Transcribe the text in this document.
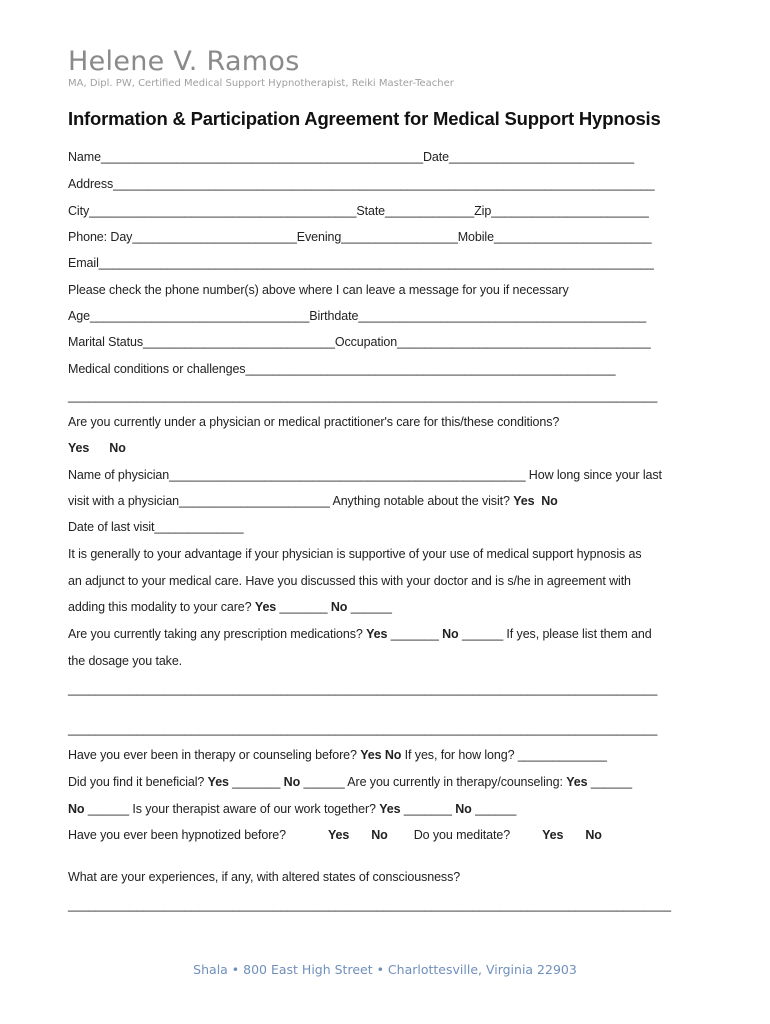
Helene V. Ramos
MA, Dipl. PW, Certified Medical Support Hypnotherapist, Reiki Master-Teacher
Information & Participation Agreement for Medical Support Hypnosis
Name_______________________________________________Date___________________________
Address_______________________________________________________________________________
City_______________________________________State_____________Zip_______________________
Phone: Day________________________Evening_________________Mobile_______________________
Email_________________________________________________________________________________
Please check the phone number(s) above where I can leave a message for you if necessary
Age________________________________Birthdate__________________________________________
Marital Status____________________________Occupation_____________________________________
Medical conditions or challenges______________________________________________________
______________________________________________________________________________________
Are you currently under a physician or medical practitioner's care for this/these conditions?
Yes No
Name of physician____________________________________________________ How long since your last
visit with a physician______________________ Anything notable about the visit? Yes No
Date of last visit_____________
It is generally to your advantage if your physician is supportive of your use of medical support hypnosis as
an adjunct to your medical care. Have you discussed this with your doctor and is s/he in agreement with
adding this modality to your care? Yes _______ No ______
Are you currently taking any prescription medications? Yes _______ No ______ If yes, please list them and
the dosage you take.
______________________________________________________________________________________
______________________________________________________________________________________
Have you ever been in therapy or counseling before? Yes No If yes, for how long? _____________
Did you find it beneficial? Yes _______ No ______ Are you currently in therapy/counseling: Yes ______
No ______ Is your therapist aware of our work together? Yes _______ No ______
Have you ever been hypnotized before?	Yes No Do you meditate?	Yes No
What are your experiences, if any, with altered states of consciousness?
________________________________________________________________________________________
Shala • 800 East High Street • Charlottesville, Virginia 22903
